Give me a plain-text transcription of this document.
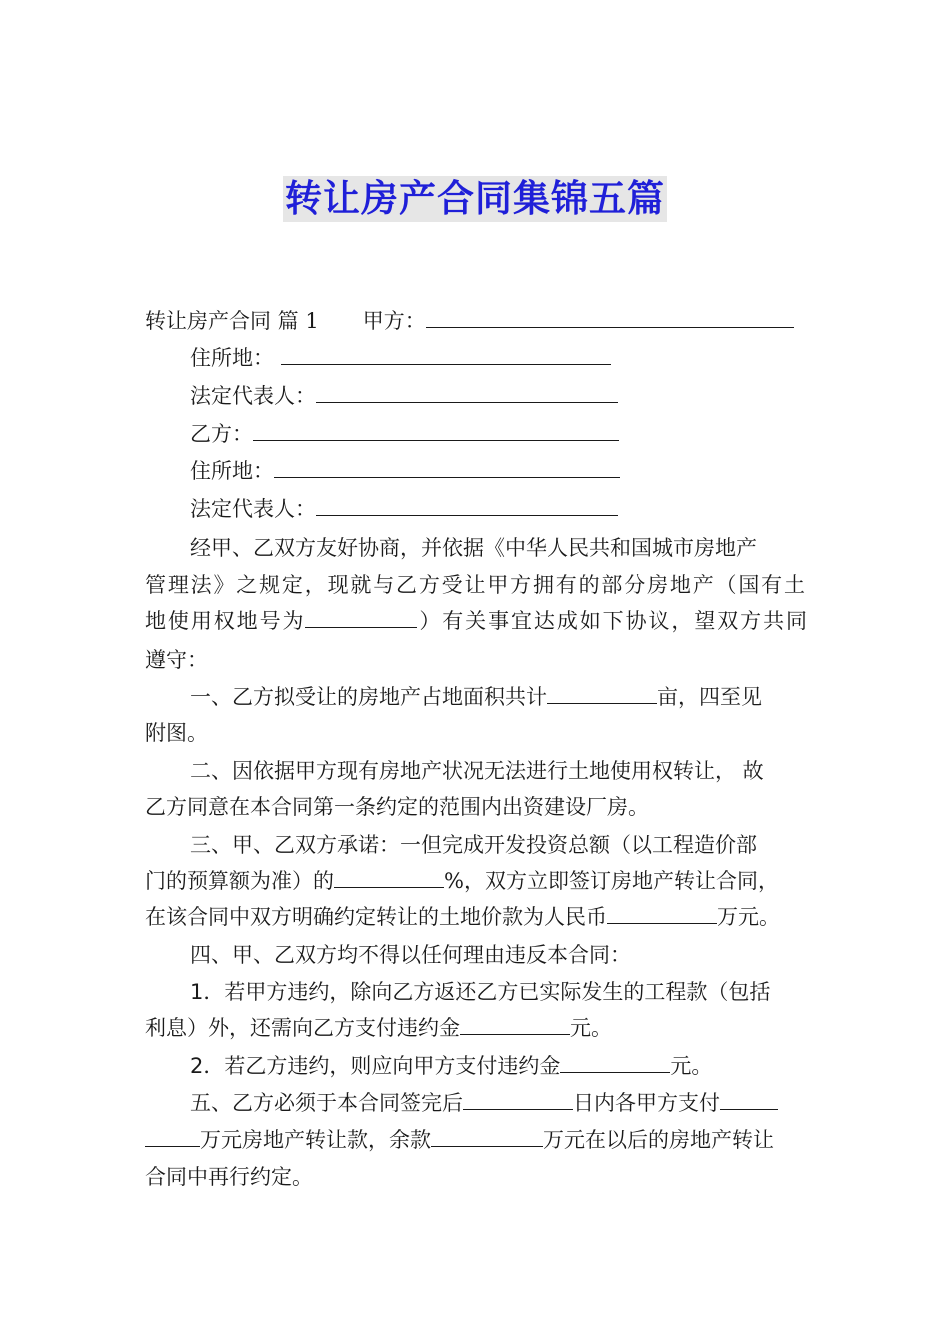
转让房产合同集锦五篇
转让房产合同 篇 1 甲方：
住所地：
法定代表人：
乙方：
住所地：
法定代表人：
经甲、乙双方友好协商，并依据《中华人民共和国城市房地产
管理法》之规定，现就与乙方受让甲方拥有的部分房地产（国有土
地使用权地号为	）有关事宜达成如下协议，望双方共同
遵守：
一、乙方拟受让的房地产占地面积共计	亩，四至见
附图。
二、因依据甲方现有房地产状况无法进行土地使用权转让， 故
乙方同意在本合同第一条约定的范围内出资建设厂房。
三、甲、乙双方承诺：一但完成开发投资总额（以工程造价部
门的预算额为准）的	%，双方立即签订房地产转让合同，
在该合同中双方明确约定转让的土地价款为人民币	万元。
四、甲、乙双方均不得以任何理由违反本合同：
1．若甲方违约，除向乙方返还乙方已实际发生的工程款（包括
利息）外，还需向乙方支付违约金	元。
2．若乙方违约，则应向甲方支付违约金	元。
五、乙方必须于本合同签完后	日内各甲方支付
万元房地产转让款，余款	万元在以后的房地产转让
合同中再行约定。
